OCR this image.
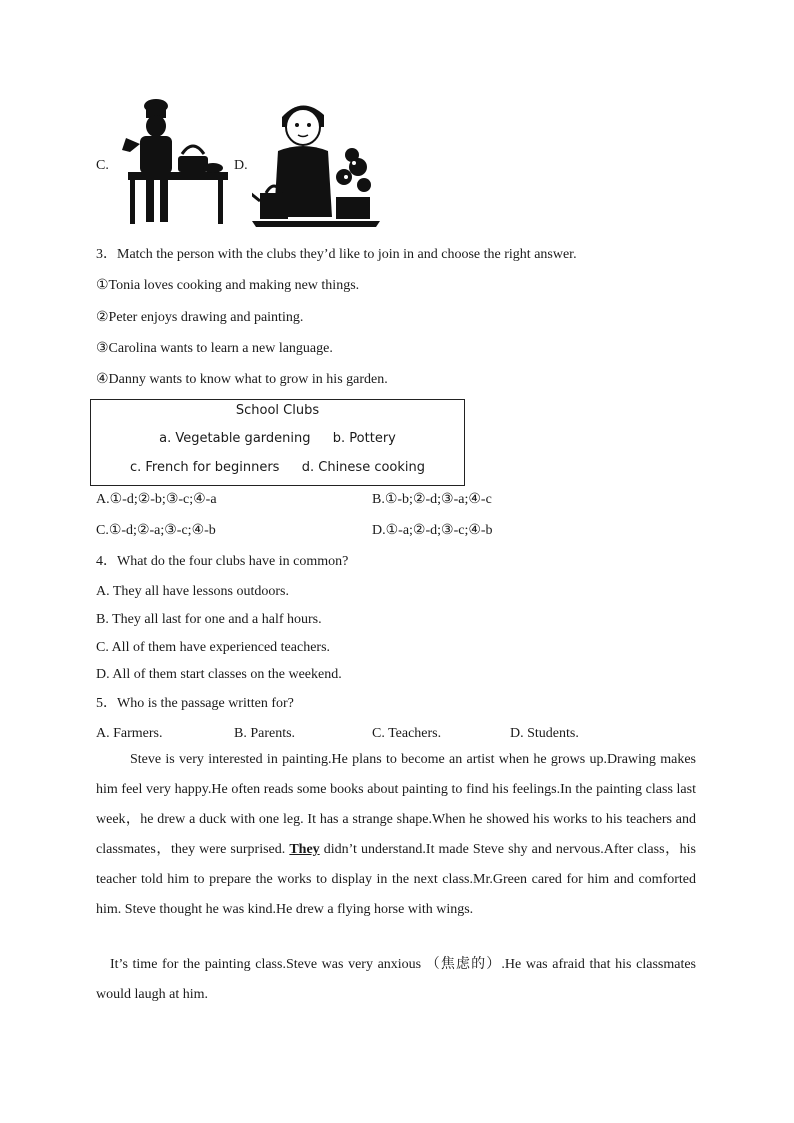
C.	D.
3．Match the person with the clubs they’d like to join in and choose the right answer.
①Tonia loves cooking and making new things.
②Peter enjoys drawing and painting.
③Carolina wants to learn a new language.
④Danny wants to know what to grow in his garden.
School Clubs
a. Vegetable gardening b. Pottery
c. French for beginners d. Chinese cooking
A.①-d;②-b;③-c;④-a	B.①-b;②-d;③-a;④-c
C.①-d;②-a;③-c;④-b	D.①-a;②-d;③-c;④-b
4．What do the four clubs have in common?
A. They all have lessons outdoors.
B. They all last for one and a half hours.
C. All of them have experienced teachers.
D. All of them start classes on the weekend.
5．Who is the passage written for?
A. Farmers.	B. Parents.	C. Teachers.	D. Students.
Steve is very interested in painting.He plans to become an artist when he grows up.Drawing makes him feel very happy.He often reads some books about painting to find his feelings.In the painting class last week，he drew a duck with one leg. It has a strange shape.When he showed his works to his teachers and classmates，they were surprised. They didn’t understand.It made Steve shy and nervous.After class，his teacher told him to prepare the works to display in the next class.Mr.Green cared for him and comforted him. Steve thought he was kind.He drew a flying horse with wings.
It’s time for the painting class.Steve was very anxious （焦虑的）.He was afraid that his classmates would laugh at him.
